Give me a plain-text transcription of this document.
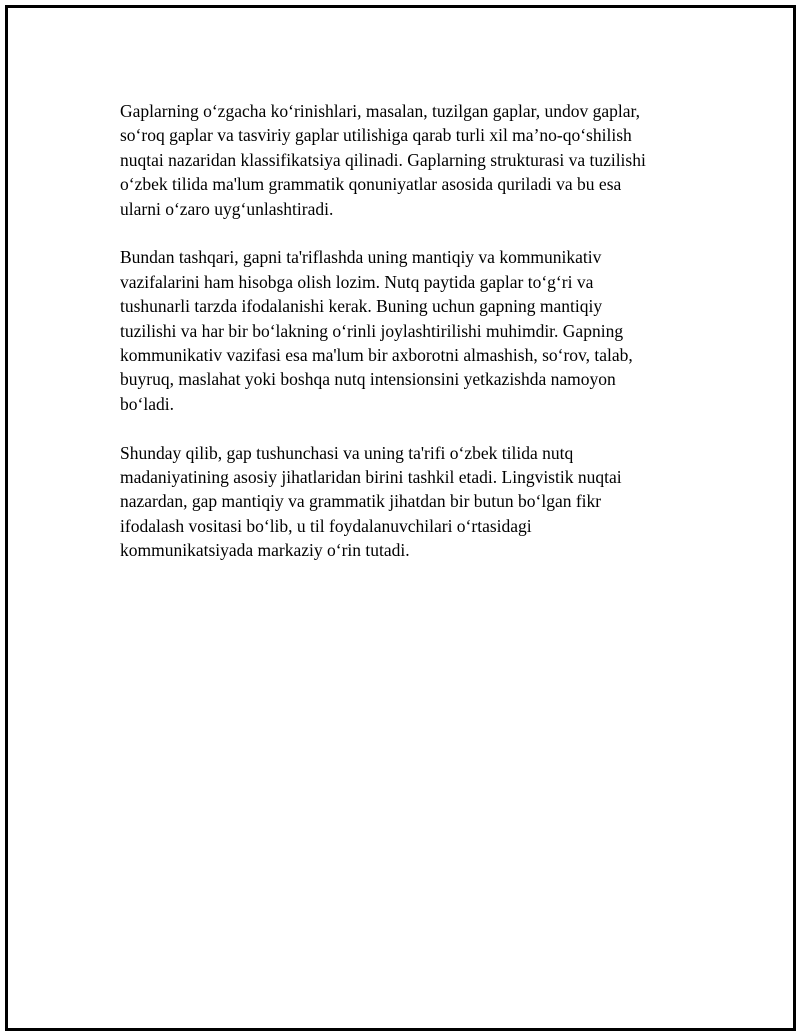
Gaplarning o‘zgacha ko‘rinishlari, masalan, tuzilgan gaplar, undov gaplar,
so‘roq gaplar va tasviriy gaplar utilishiga qarab turli xil ma’no-qo‘shilish
nuqtai nazaridan klassifikatsiya qilinadi. Gaplarning strukturasi va tuzilishi
o‘zbek tilida ma'lum grammatik qonuniyatlar asosida quriladi va bu esa
ularni o‘zaro uyg‘unlashtiradi.

Bundan tashqari, gapni ta'riflashda uning mantiqiy va kommunikativ
vazifalarini ham hisobga olish lozim. Nutq paytida gaplar to‘g‘ri va
tushunarli tarzda ifodalanishi kerak. Buning uchun gapning mantiqiy
tuzilishi va har bir bo‘lakning o‘rinli joylashtirilishi muhimdir. Gapning
kommunikativ vazifasi esa ma'lum bir axborotni almashish, so‘rov, talab,
buyruq, maslahat yoki boshqa nutq intensionsini yetkazishda namoyon
bo‘ladi.

Shunday qilib, gap tushunchasi va uning ta'rifi o‘zbek tilida nutq
madaniyatining asosiy jihatlaridan birini tashkil etadi. Lingvistik nuqtai
nazardan, gap mantiqiy va grammatik jihatdan bir butun bo‘lgan fikr
ifodalash vositasi bo‘lib, u til foydalanuvchilari o‘rtasidagi
kommunikatsiyada markaziy o‘rin tutadi.
